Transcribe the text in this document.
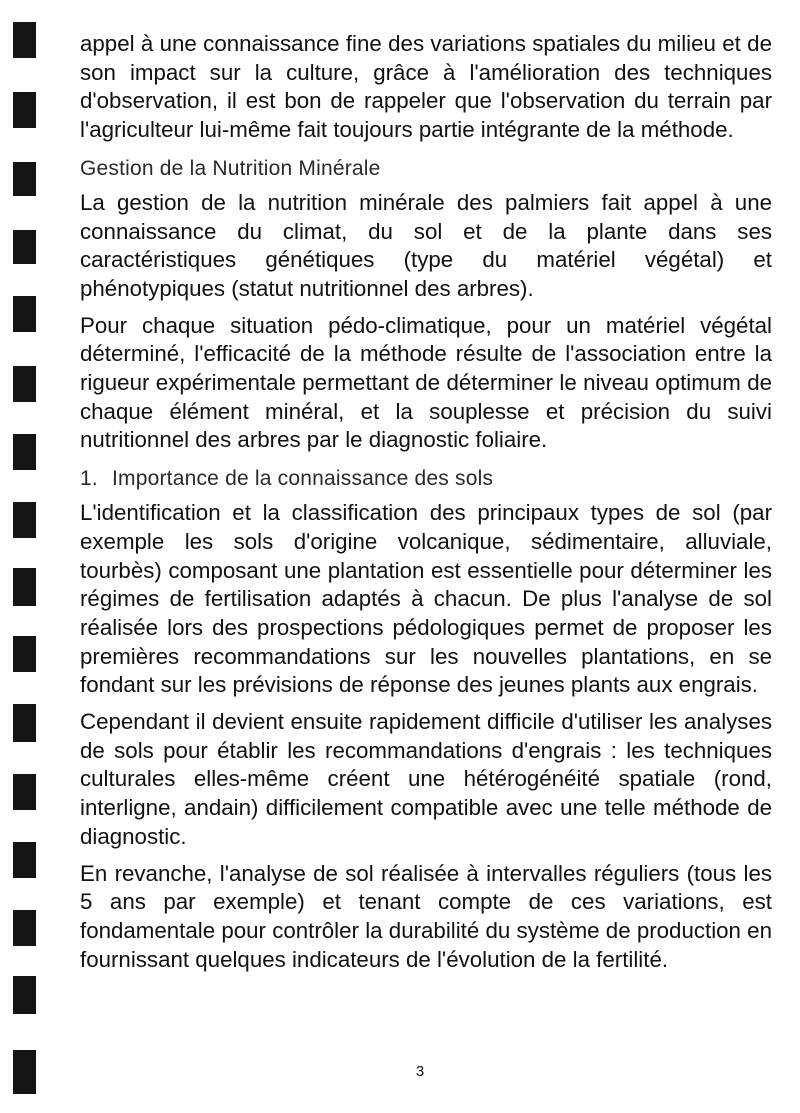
appel à une connaissance fine des variations spatiales du milieu et de son impact sur la culture, grâce à l'amélioration des techniques d'observation, il est bon de rappeler que l'observation du terrain par l'agriculteur lui-même fait toujours partie intégrante de la méthode.

Gestion de la Nutrition Minérale

La gestion de la nutrition minérale des palmiers fait appel à une connaissance du climat, du sol et de la plante dans ses caractéristiques génétiques (type du matériel végétal) et phénotypiques (statut nutritionnel des arbres).

Pour chaque situation pédo-climatique, pour un matériel végétal déterminé, l'efficacité de la méthode résulte de l'association entre la rigueur expérimentale permettant de déterminer le niveau optimum de chaque élément minéral, et la souplesse et précision du suivi nutritionnel des arbres par le diagnostic foliaire.

1. Importance de la connaissance des sols

L'identification et la classification des principaux types de sol (par exemple les sols d'origine volcanique, sédimentaire, alluviale, tourbès) composant une plantation est essentielle pour déterminer les régimes de fertilisation adaptés à chacun. De plus l'analyse de sol réalisée lors des prospections pédologiques permet de proposer les premières recommandations sur les nouvelles plantations, en se fondant sur les prévisions de réponse des jeunes plants aux engrais.

Cependant il devient ensuite rapidement difficile d'utiliser les analyses de sols pour établir les recommandations d'engrais : les techniques culturales elles-même créent une hétérogénéité spatiale (rond, interligne, andain) difficilement compatible avec une telle méthode de diagnostic.

En revanche, l'analyse de sol réalisée à intervalles réguliers (tous les 5 ans par exemple) et tenant compte de ces variations, est fondamentale pour contrôler la durabilité du système de production en fournissant quelques indicateurs de l'évolution de la fertilité.

3
